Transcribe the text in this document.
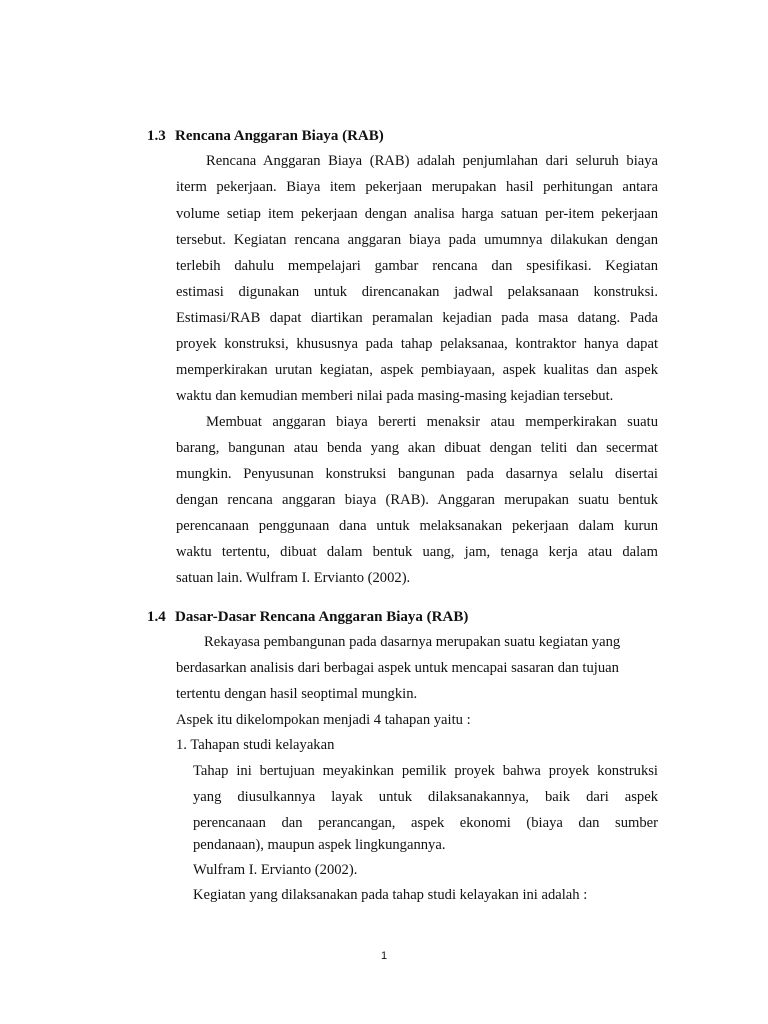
1.3 Rencana Anggaran Biaya (RAB)
Rencana Anggaran Biaya (RAB) adalah penjumlahan dari seluruh biaya
iterm pekerjaan. Biaya item pekerjaan merupakan hasil perhitungan antara
volume setiap item pekerjaan dengan analisa harga satuan per-item pekerjaan
tersebut. Kegiatan rencana anggaran biaya pada umumnya dilakukan dengan
terlebih dahulu mempelajari gambar rencana dan spesifikasi. Kegiatan
estimasi digunakan untuk direncanakan jadwal pelaksanaan konstruksi.
Estimasi/RAB dapat diartikan peramalan kejadian pada masa datang. Pada
proyek konstruksi, khususnya pada tahap pelaksanaa, kontraktor hanya dapat
memperkirakan urutan kegiatan, aspek pembiayaan, aspek kualitas dan aspek
waktu dan kemudian memberi nilai pada masing-masing kejadian tersebut.
Membuat anggaran biaya bererti menaksir atau memperkirakan suatu
barang, bangunan atau benda yang akan dibuat dengan teliti dan secermat
mungkin. Penyusunan konstruksi bangunan pada dasarnya selalu disertai
dengan rencana anggaran biaya (RAB). Anggaran merupakan suatu bentuk
perencanaan penggunaan dana untuk melaksanakan pekerjaan dalam kurun
waktu tertentu, dibuat dalam bentuk uang, jam, tenaga kerja atau dalam
satuan lain. Wulfram I. Ervianto (2002).
1.4 Dasar-Dasar Rencana Anggaran Biaya (RAB)
Rekayasa pembangunan pada dasarnya merupakan suatu kegiatan yang
berdasarkan analisis dari berbagai aspek untuk mencapai sasaran dan tujuan
tertentu dengan hasil seoptimal mungkin.
Aspek itu dikelompokan menjadi 4 tahapan yaitu :
1. Tahapan studi kelayakan
Tahap ini bertujuan meyakinkan pemilik proyek bahwa proyek konstruksi
yang diusulkannya layak untuk dilaksanakannya, baik dari aspek
perencanaan dan perancangan, aspek ekonomi (biaya dan sumber
pendanaan), maupun aspek lingkungannya.
Wulfram I. Ervianto (2002).
Kegiatan yang dilaksanakan pada tahap studi kelayakan ini adalah :
1
